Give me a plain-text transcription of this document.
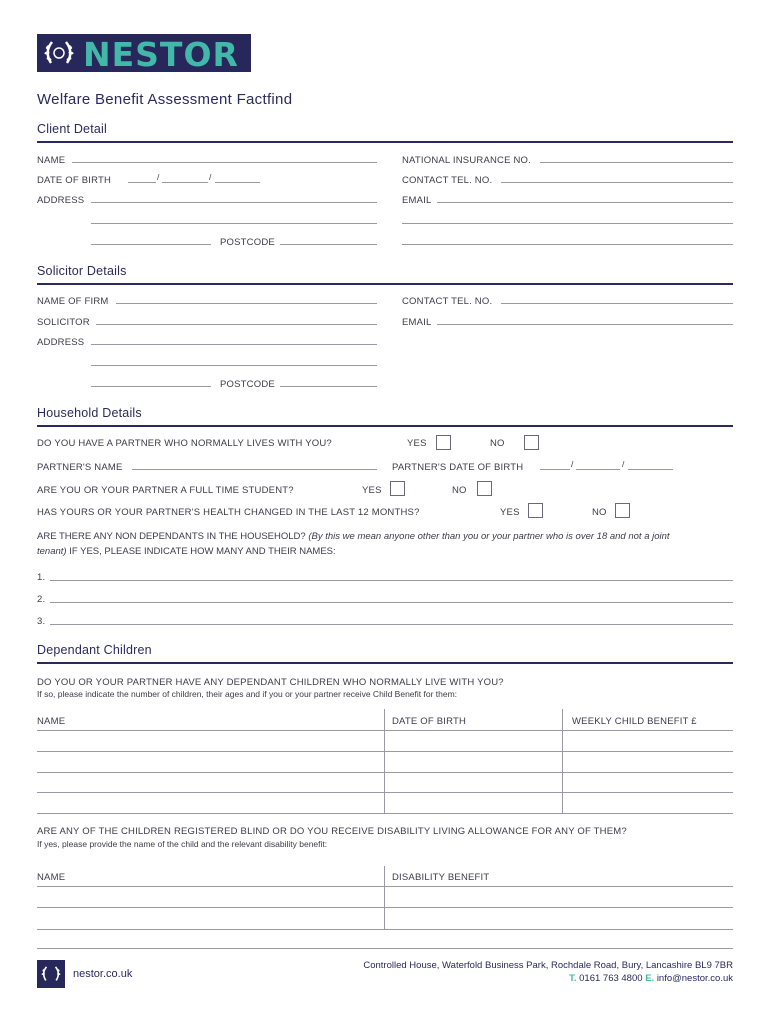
NESTOR
Welfare Benefit Assessment Factfind
Client Detail
NAME	NATIONAL INSURANCE NO.
DATE OF BIRTH	/	/	CONTACT TEL. NO.
ADDRESS	EMAIL
POSTCODE
Solicitor Details
NAME OF FIRM	CONTACT TEL. NO.
SOLICITOR	EMAIL
ADDRESS
POSTCODE
Household Details
DO YOU HAVE A PARTNER WHO NORMALLY LIVES WITH YOU?	YES	NO
PARTNER'S NAME	PARTNER'S DATE OF BIRTH	/	/
ARE YOU OR YOUR PARTNER A FULL TIME STUDENT?	YES	NO
HAS YOURS OR YOUR PARTNER'S HEALTH CHANGED IN THE LAST 12 MONTHS?	YES	NO
ARE THERE ANY NON DEPENDANTS IN THE HOUSEHOLD? (By this we mean anyone other than you or your partner who is over 18 and not a joint tenant) IF YES, PLEASE INDICATE HOW MANY AND THEIR NAMES:
1.
2.
3.
Dependant Children
DO YOU OR YOUR PARTNER HAVE ANY DEPENDANT CHILDREN WHO NORMALLY LIVE WITH YOU?
If so, please indicate the number of children, their ages and if you or your partner receive Child Benefit for them:
NAME	DATE OF BIRTH	WEEKLY CHILD BENEFIT £
ARE ANY OF THE CHILDREN REGISTERED BLIND OR DO YOU RECEIVE DISABILITY LIVING ALLOWANCE FOR ANY OF THEM?
If yes, please provide the name of the child and the relevant disability benefit:
NAME	DISABILITY BENEFIT
nestor.co.uk
Controlled House, Waterfold Business Park, Rochdale Road, Bury, Lancashire BL9 7BR
T. 0161 763 4800 E. info@nestor.co.uk
